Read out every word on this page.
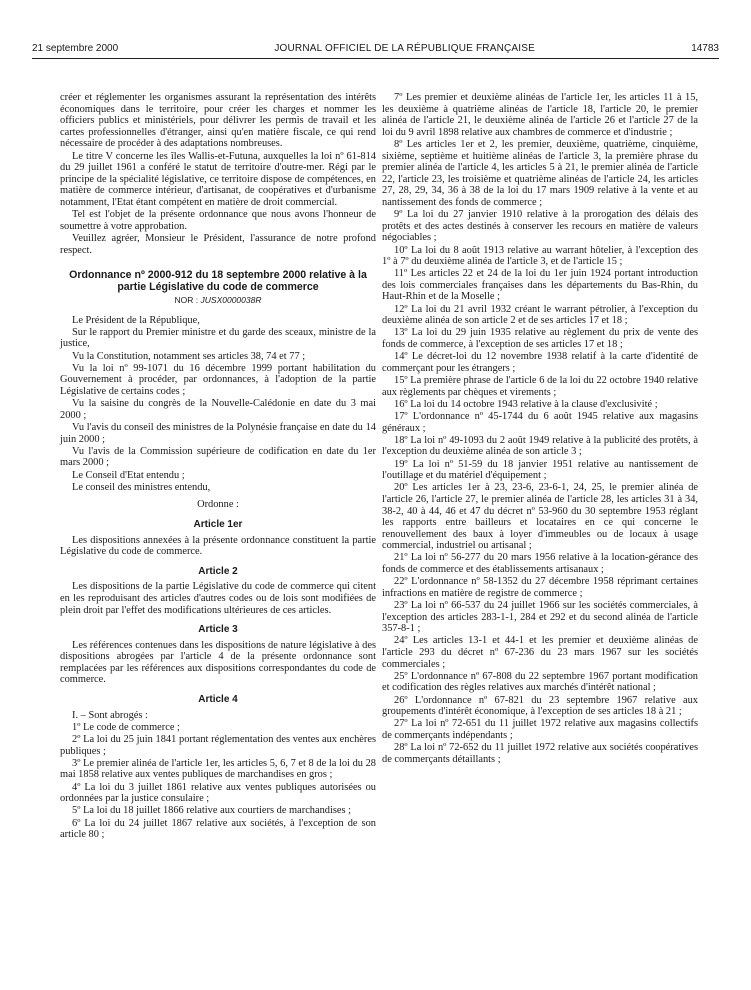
21 septembre 2000	JOURNAL OFFICIEL DE LA RÉPUBLIQUE FRANÇAISE	14783

créer et réglementer les organismes assurant la représentation des intérêts économiques dans le territoire, pour créer les charges et nommer les officiers publics et ministériels, pour délivrer les permis de travail et les cartes professionnelles d'étranger, ainsi qu'en matière fiscale, ce qui rend nécessaire de procéder à des adaptations nombreuses.

Le titre V concerne les îles Wallis-et-Futuna, auxquelles la loi nº 61-814 du 29 juillet 1961 a conféré le statut de territoire d'outre-mer. Régi par le principe de la spécialité législative, ce territoire dispose de compétences, en matière de commerce intérieur, d'artisanat, de coopératives et d'urbanisme notamment, l'Etat étant compétent en matière de droit commercial.

Tel est l'objet de la présente ordonnance que nous avons l'honneur de soumettre à votre approbation.

Veuillez agréer, Monsieur le Président, l'assurance de notre profond respect.

Ordonnance nº 2000-912 du 18 septembre 2000 relative à la partie Législative du code de commerce
NOR : JUSX0000038R

Le Président de la République,

Sur le rapport du Premier ministre et du garde des sceaux, ministre de la justice,

Vu la Constitution, notamment ses articles 38, 74 et 77 ;

Vu la loi nº 99-1071 du 16 décembre 1999 portant habilitation du Gouvernement à procéder, par ordonnances, à l'adoption de la partie Législative de certains codes ;

Vu la saisine du congrès de la Nouvelle-Calédonie en date du 3 mai 2000 ;

Vu l'avis du conseil des ministres de la Polynésie française en date du 14 juin 2000 ;

Vu l'avis de la Commission supérieure de codification en date du 1er mars 2000 ;

Le Conseil d'Etat entendu ;

Le conseil des ministres entendu,

Ordonne :
Article 1er

Les dispositions annexées à la présente ordonnance constituent la partie Législative du code de commerce.

Article 2

Les dispositions de la partie Législative du code de commerce qui citent en les reproduisant des articles d'autres codes ou de lois sont modifiées de plein droit par l'effet des modifications ultérieures de ces articles.

Article 3

Les références contenues dans les dispositions de nature législative à des dispositions abrogées par l'article 4 de la présente ordonnance sont remplacées par les références aux dispositions correspondantes du code de commerce.

Article 4

I. – Sont abrogés :

1º Le code de commerce ;

2º La loi du 25 juin 1841 portant réglementation des ventes aux enchères publiques ;

3º Le premier alinéa de l'article 1er, les articles 5, 6, 7 et 8 de la loi du 28 mai 1858 relative aux ventes publiques de marchandises en gros ;

4º La loi du 3 juillet 1861 relative aux ventes publiques autorisées ou ordonnées par la justice consulaire ;

5º La loi du 18 juillet 1866 relative aux courtiers de marchandises ;

6º La loi du 24 juillet 1867 relative aux sociétés, à l'exception de son article 80 ;

7º Les premier et deuxième alinéas de l'article 1er, les articles 11 à 15, les deuxième à quatrième alinéas de l'article 18, l'article 20, le premier alinéa de l'article 21, le deuxième alinéa de l'article 26 et l'article 27 de la loi du 9 avril 1898 relative aux chambres de commerce et d'industrie ;

8º Les articles 1er et 2, les premier, deuxième, quatrième, cinquième, sixième, septième et huitième alinéas de l'article 3, la première phrase du premier alinéa de l'article 4, les articles 5 à 21, le premier alinéa de l'article 22, l'article 23, les troisième et quatrième alinéas de l'article 24, les articles 27, 28, 29, 34, 36 à 38 de la loi du 17 mars 1909 relative à la vente et au nantissement des fonds de commerce ;

9º La loi du 27 janvier 1910 relative à la prorogation des délais des protêts et des actes destinés à conserver les recours en matière de valeurs négociables ;

10º La loi du 8 août 1913 relative au warrant hôtelier, à l'exception des 1º à 7º du deuxième alinéa de l'article 3, et de l'article 15 ;

11º Les articles 22 et 24 de la loi du 1er juin 1924 portant introduction des lois commerciales françaises dans les départements du Bas-Rhin, du Haut-Rhin et de la Moselle ;

12º La loi du 21 avril 1932 créant le warrant pétrolier, à l'exception du deuxième alinéa de son article 2 et de ses articles 17 et 18 ;

13º La loi du 29 juin 1935 relative au règlement du prix de vente des fonds de commerce, à l'exception de ses articles 17 et 18 ;

14º Le décret-loi du 12 novembre 1938 relatif à la carte d'identité de commerçant pour les étrangers ;

15º La première phrase de l'article 6 de la loi du 22 octobre 1940 relative aux règlements par chèques et virements ;

16º La loi du 14 octobre 1943 relative à la clause d'exclusivité ;

17º L'ordonnance nº 45-1744 du 6 août 1945 relative aux magasins généraux ;

18º La loi nº 49-1093 du 2 août 1949 relative à la publicité des protêts, à l'exception du deuxième alinéa de son article 3 ;

19º La loi nº 51-59 du 18 janvier 1951 relative au nantissement de l'outillage et du matériel d'équipement ;

20º Les articles 1er à 23, 23-6, 23-6-1, 24, 25, le premier alinéa de l'article 26, l'article 27, le premier alinéa de l'article 28, les articles 31 à 34, 38-2, 40 à 44, 46 et 47 du décret nº 53-960 du 30 septembre 1953 réglant les rapports entre bailleurs et locataires en ce qui concerne le renouvellement des baux à loyer d'immeubles ou de locaux à usage commercial, industriel ou artisanal ;

21º La loi nº 56-277 du 20 mars 1956 relative à la location-gérance des fonds de commerce et des établissements artisanaux ;

22º L'ordonnance nº 58-1352 du 27 décembre 1958 réprimant certaines infractions en matière de registre de commerce ;

23º La loi nº 66-537 du 24 juillet 1966 sur les sociétés commerciales, à l'exception des articles 283-1-1, 284 et 292 et du second alinéa de l'article 357-8-1 ;

24º Les articles 13-1 et 44-1 et les premier et deuxième alinéas de l'article 293 du décret nº 67-236 du 23 mars 1967 sur les sociétés commerciales ;

25º L'ordonnance nº 67-808 du 22 septembre 1967 portant modification et codification des règles relatives aux marchés d'intérêt national ;

26º L'ordonnance nº 67-821 du 23 septembre 1967 relative aux groupements d'intérêt économique, à l'exception de ses articles 18 à 21 ;

27º La loi nº 72-651 du 11 juillet 1972 relative aux magasins collectifs de commerçants indépendants ;

28º La loi nº 72-652 du 11 juillet 1972 relative aux sociétés coopératives de commerçants détaillants ;
